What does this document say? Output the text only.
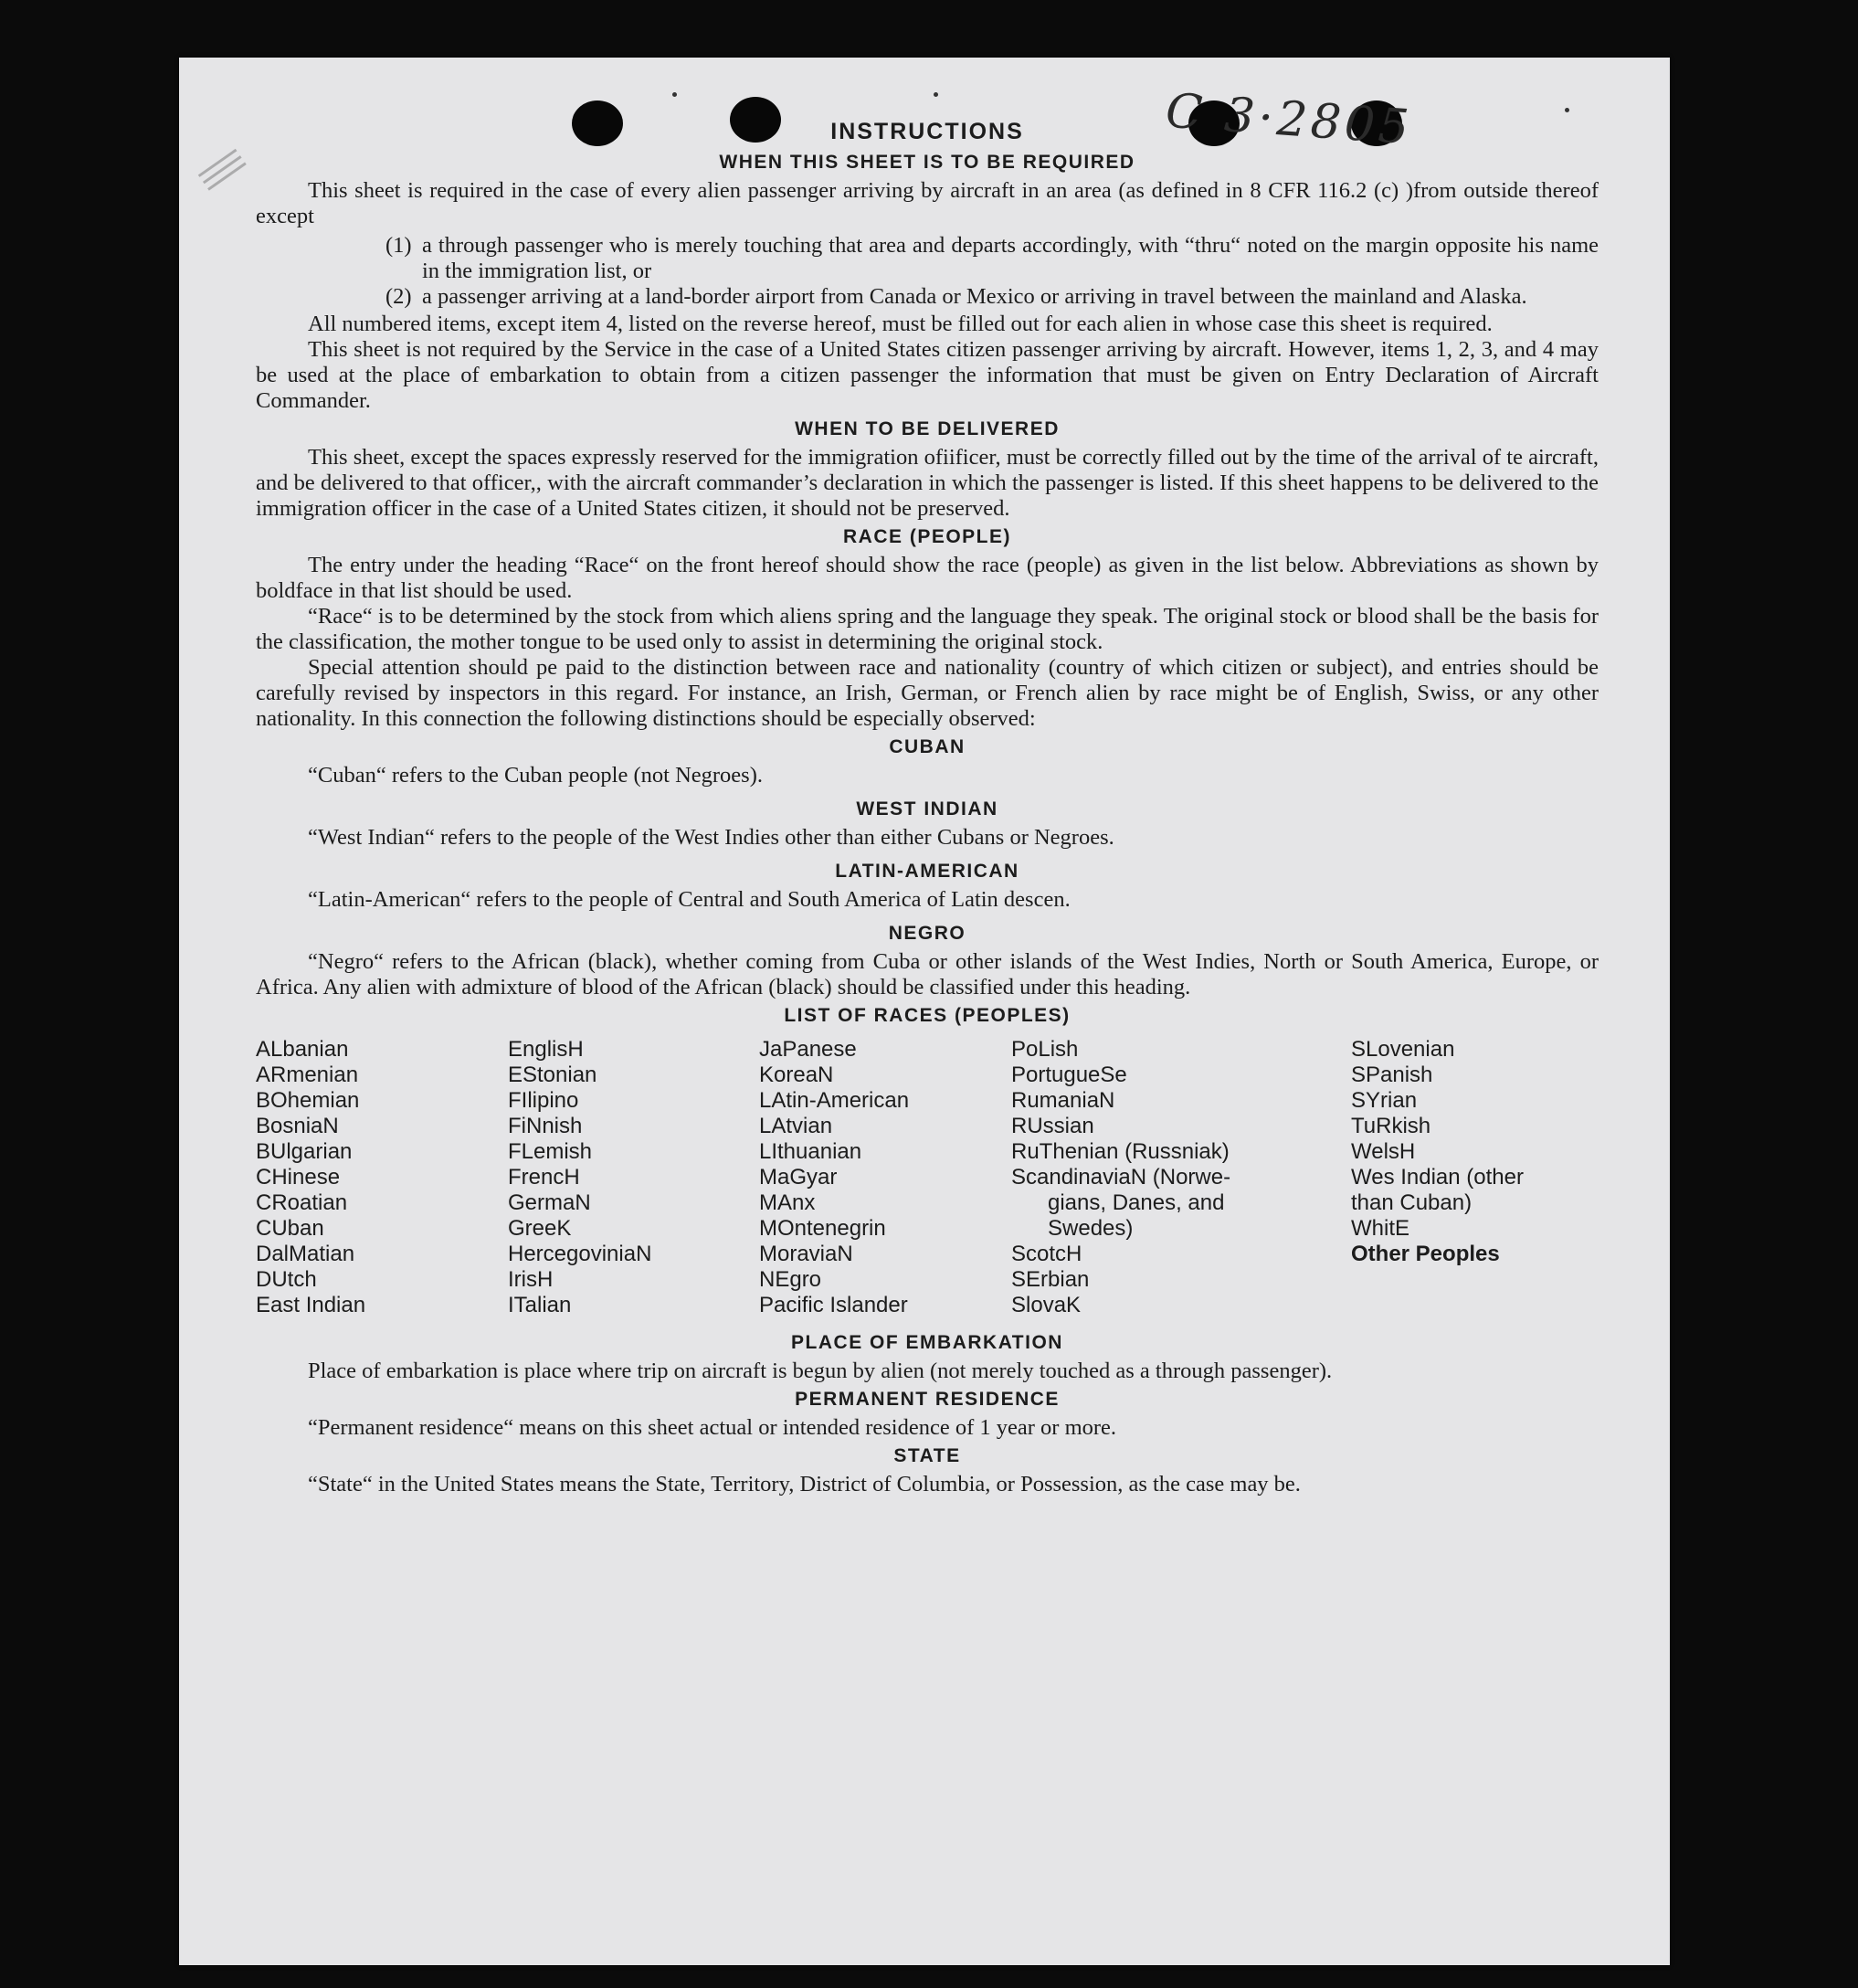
C 3·2805
INSTRUCTIONS
WHEN THIS SHEET IS TO BE REQUIRED

This sheet is required in the case of every alien passenger arriving by aircraft in an area (as defined in 8 CFR 116.2 (c) )from outside thereof except

(1) a through passenger who is merely touching that area and departs accordingly, with “thru“ noted on the margin opposite his name in the immigration list, or
(2) a passenger arriving at a land-border airport from Canada or Mexico or arriving in travel between the mainland and Alaska.

All numbered items, except item 4, listed on the reverse hereof, must be filled out for each alien in whose case this sheet is required.

This sheet is not required by the Service in the case of a United States citizen passenger arriving by aircraft. However, items 1, 2, 3, and 4 may be used at the place of embarkation to obtain from a citizen passenger the information that must be given on Entry Declaration of Aircraft Commander.

WHEN TO BE DELIVERED

This sheet, except the spaces expressly reserved for the immigration ofiificer, must be correctly filled out by the time of the arrival of te aircraft, and be delivered to that officer,, with the aircraft commander’s declaration in which the passenger is listed. If this sheet happens to be delivered to the immigration officer in the case of a United States citizen, it should not be preserved.

RACE (PEOPLE)

The entry under the heading “Race“ on the front hereof should show the race (people) as given in the list below. Abbreviations as shown by boldface in that list should be used.

“Race“ is to be determined by the stock from which aliens spring and the language they speak. The original stock or blood shall be the basis for the classification, the mother tongue to be used only to assist in determining the original stock.

Special attention should pe paid to the distinction between race and nationality (country of which citizen or subject), and entries should be carefully revised by inspectors in this regard. For instance, an Irish, German, or French alien by race might be of English, Swiss, or any other nationality. In this connection the following distinctions should be especially observed:

CUBAN

“Cuban“ refers to the Cuban people (not Negroes).

WEST INDIAN

“West Indian“ refers to the people of the West Indies other than either Cubans or Negroes.

LATIN-AMERICAN

“Latin-American“ refers to the people of Central and South America of Latin descen.

NEGRO

“Negro“ refers to the African (black), whether coming from Cuba or other islands of the West Indies, North or South America, Europe, or Africa. Any alien with admixture of blood of the African (black) should be classified under this heading.

LIST OF RACES (PEOPLES)
ALbanian
ARmenian
BOhemian
BosniaN
BUlgarian
CHinese
CRoatian
CUban
DalMatian
DUtch
East Indian
EnglisH
EStonian
FIlipino
FiNnish
FLemish
FrencH
GermaN
GreeK
HercegoviniaN
IrisH
ITalian
JaPanese
KoreaN
LAtin-American
LAtvian
LIthuanian
MaGyar
MAnx
MOntenegrin
MoraviaN
NEgro
Pacific Islander
PoLish
PortugueSe
RumaniaN
RUssian
RuThenian (Russniak)
ScandinaviaN (Norwe-
gians, Danes, and
Swedes)
ScotcH
SErbian
SlovaK
SLovenian
SPanish
SYrian
TuRkish
WelsH
Wes Indian (other
than Cuban)
WhitE
Other Peoples
PLACE OF EMBARKATION

Place of embarkation is place where trip on aircraft is begun by alien (not merely touched as a through passenger).

PERMANENT RESIDENCE

“Permanent residence“ means on this sheet actual or intended residence of 1 year or more.

STATE

“State“ in the United States means the State, Territory, District of Columbia, or Possession, as the case may be.
